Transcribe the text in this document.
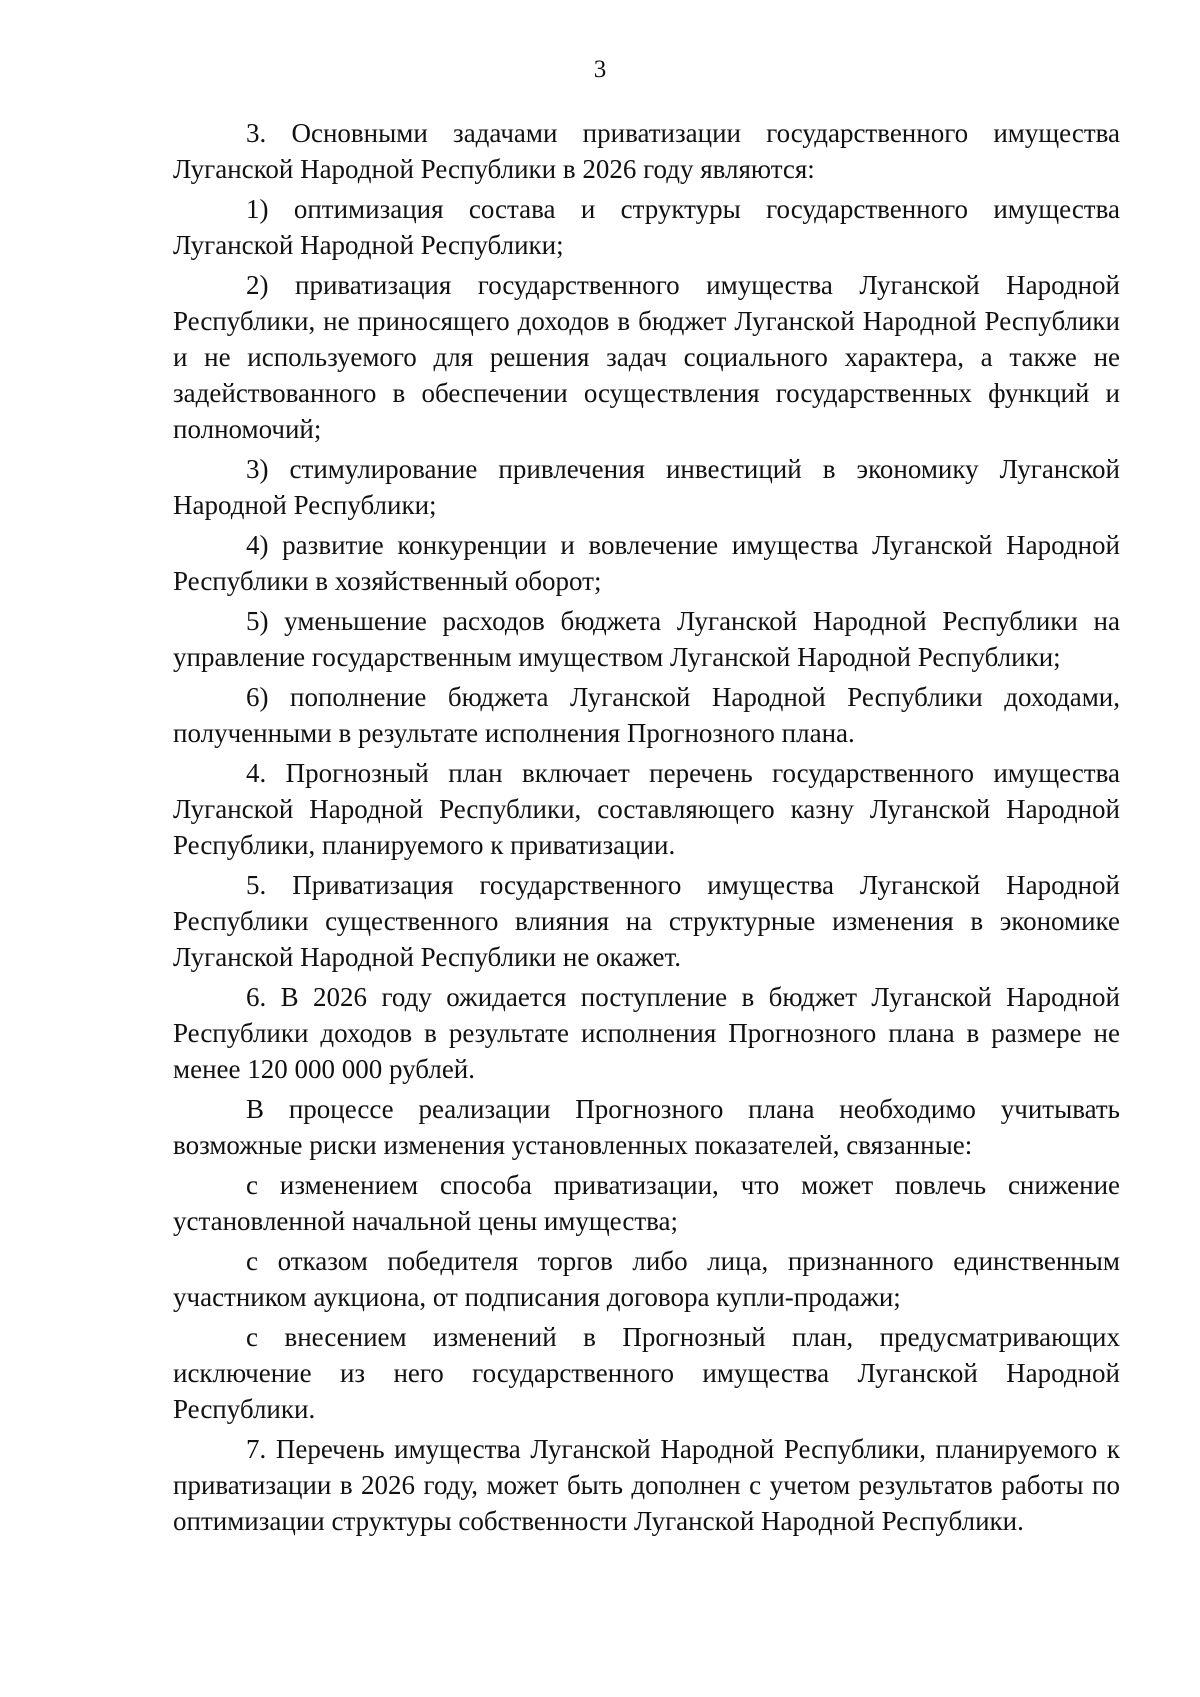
3

3. Основными задачами приватизации государственного имущества Луганской Народной Республики в 2026 году являются:

1) оптимизация состава и структуры государственного имущества Луганской Народной Республики;

2) приватизация государственного имущества Луганской Народной Республики, не приносящего доходов в бюджет Луганской Народной Республики и не используемого для решения задач социального характера, а также не задействованного в обеспечении осуществления государственных функций и полномочий;

3) стимулирование привлечения инвестиций в экономику Луганской Народной Республики;

4) развитие конкуренции и вовлечение имущества Луганской Народной Республики в хозяйственный оборот;

5) уменьшение расходов бюджета Луганской Народной Республики на управление государственным имуществом Луганской Народной Республики;

6) пополнение бюджета Луганской Народной Республики доходами, полученными в результате исполнения Прогнозного плана.

4. Прогнозный план включает перечень государственного имущества Луганской Народной Республики, составляющего казну Луганской Народной Республики, планируемого к приватизации.

5. Приватизация государственного имущества Луганской Народной Республики существенного влияния на структурные изменения в экономике Луганской Народной Республики не окажет.

6. В 2026 году ожидается поступление в бюджет Луганской Народной Республики доходов в результате исполнения Прогнозного плана в размере не менее 120 000 000 рублей.

В процессе реализации Прогнозного плана необходимо учитывать возможные риски изменения установленных показателей, связанные:

с изменением способа приватизации, что может повлечь снижение установленной начальной цены имущества;

с отказом победителя торгов либо лица, признанного единственным участником аукциона, от подписания договора купли-продажи;

с внесением изменений в Прогнозный план, предусматривающих исключение из него государственного имущества Луганской Народной Республики.

7. Перечень имущества Луганской Народной Республики, планируемого к приватизации в 2026 году, может быть дополнен с учетом результатов работы по оптимизации структуры собственности Луганской Народной Республики.
